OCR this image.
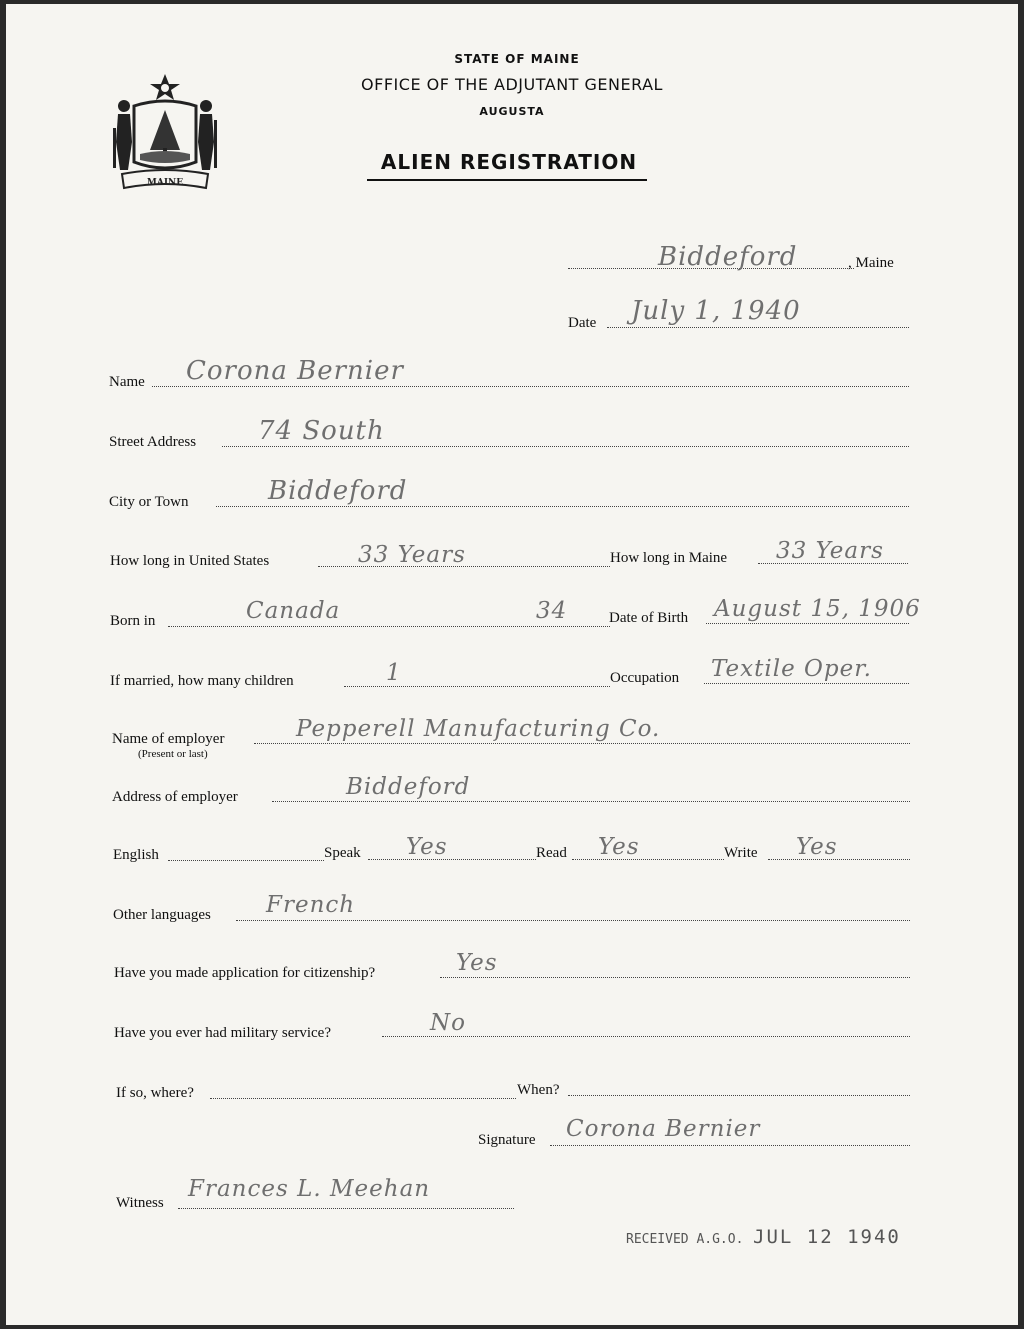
MAINE
STATE OF MAINE
OFFICE OF THE ADJUTANT GENERAL
AUGUSTA
ALIEN REGISTRATION
Biddeford	, Maine
Date July 1, 1940
Name Corona Bernier
Street Address 74 South
City or Town	Biddeford
How long in United States	33 Years	How long in Maine 33 Years
Born in	Canada	34	Date of Birth August 15, 1906
If married, how many children	1	Occupation Textile Oper.
Name of employer
(Present or last)
Pepperell Manufacturing Co.
Address of employer	Biddeford
English	Speak Yes	Read Yes	Write Yes
Other languages French
Have you made application for citizenship?	Yes
Have you ever had military service?	No
If so, where?	When?
Signature Corona Bernier
Witness
Frances L. Meehan
RECEIVED A.G.O. JUL 12 1940
